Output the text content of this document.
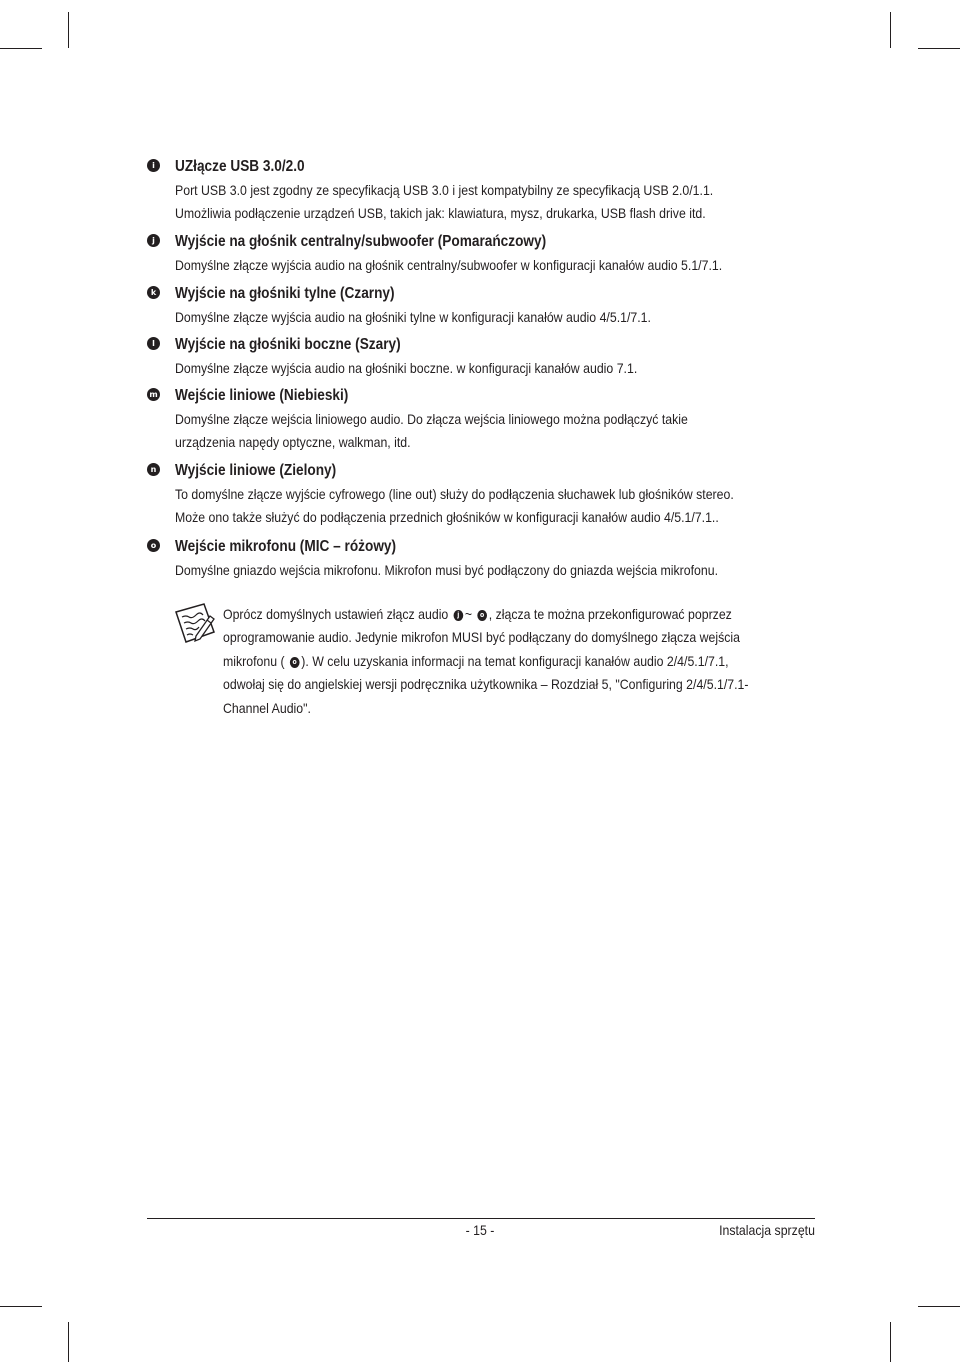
i	UZłącze USB 3.0/2.0
Port USB 3.0 jest zgodny ze specyfikacją USB 3.0 i jest kompatybilny ze specyfikacją USB 2.0/1.1.
Umożliwia podłączenie urządzeń USB, takich jak: klawiatura, mysz, drukarka, USB flash drive itd.
j	Wyjście na głośnik centralny/subwoofer (Pomarańczowy)
Domyślne złącze wyjścia audio na głośnik centralny/subwoofer w konfiguracji kanałów audio 5.1/7.1.
k Wyjście na głośniki tylne (Czarny)
Domyślne złącze wyjścia audio na głośniki tylne w konfiguracji kanałów audio 4/5.1/7.1.
l	Wyjście na głośniki boczne (Szary)
Domyślne złącze wyjścia audio na głośniki boczne. w konfiguracji kanałów audio 7.1.
m Wejście liniowe (Niebieski)
Domyślne złącze wejścia liniowego audio. Do złącza wejścia liniowego można podłączyć takie
urządzenia napędy optyczne, walkman, itd.
n Wyjście liniowe (Zielony)
To domyślne złącze wyjście cyfrowego (line out) służy do podłączenia słuchawek lub głośników stereo.
Może ono także służyć do podłączenia przednich głośników w konfiguracji kanałów audio 4/5.1/7.1..
o Wejście mikrofonu (MIC – różowy)
Domyślne gniazdo wejścia mikrofonu. Mikrofon musi być podłączony do gniazda wejścia mikrofonu.
Oprócz domyślnych ustawień złącz audio j ~ o , złącza te można przekonfigurować poprzez
oprogramowanie audio. Jedynie mikrofon MUSI być podłączany do domyślnego złącza wejścia
mikrofonu ( o ). W celu uzyskania informacji na temat konfiguracji kanałów audio 2/4/5.1/7.1,
odwołaj się do angielskiej wersji podręcznika użytkownika – Rozdział 5, "Configuring 2/4/5.1/7.1-
Channel Audio".
- 15 -	Instalacja sprzętu
